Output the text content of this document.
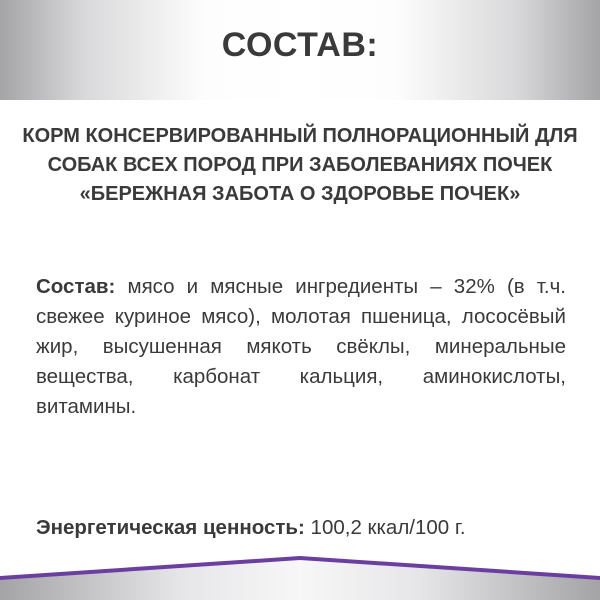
СОСТАВ:

КОРМ КОНСЕРВИРОВАННЫЙ ПОЛНОРАЦИОННЫЙ ДЛЯ
СОБАК ВСЕХ ПОРОД ПРИ ЗАБОЛЕВАНИЯХ ПОЧЕК
«БЕРЕЖНАЯ ЗАБОТА О ЗДОРОВЬЕ ПОЧЕК»

Состав: мясо и мясные ингредиенты – 32% (в т.ч. свежее куриное мясо), молотая пшеница, лососёвый жир, высушенная мякоть свёклы, минеральные вещества, карбонат кальция, аминокислоты, витамины.

Энергетическая ценность: 100,2 ккал/100 г.
